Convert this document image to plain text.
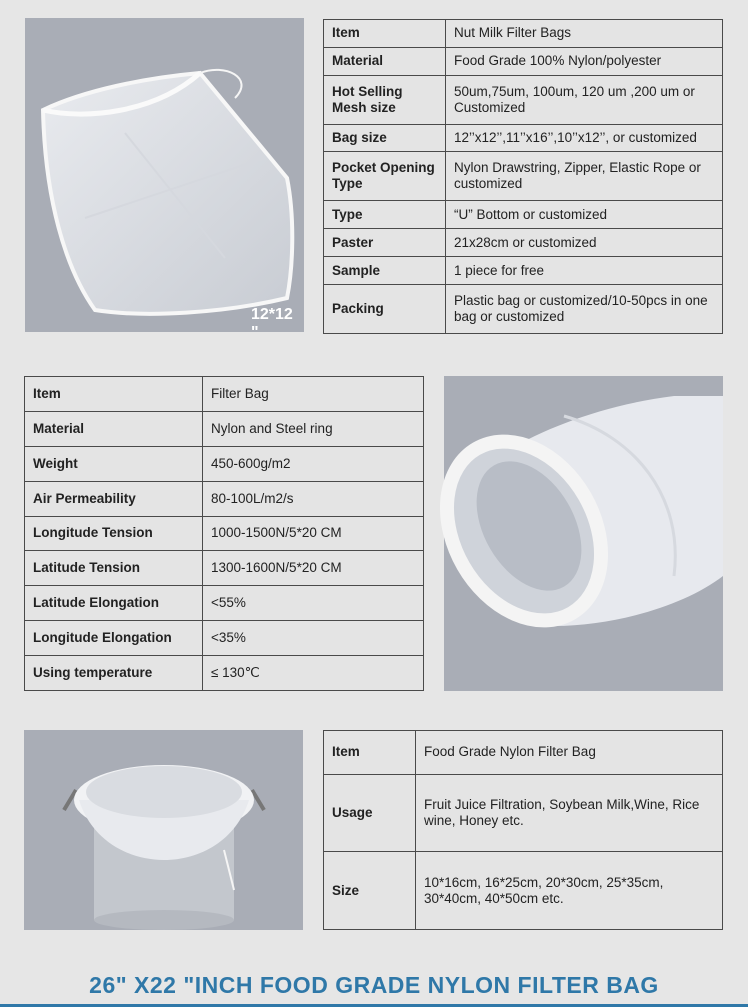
12*12 "
Item	Nut Milk Filter Bags
Material	Food Grade 100% Nylon/polyester
Hot Selling Mesh size	50um,75um, 100um, 120 um ,200 um or Customized
Bag size	12’’x12’’,11’’x16’’,10’’x12’’, or customized
Pocket Opening Type	Nylon Drawstring, Zipper, Elastic Rope or customized
Type	“U” Bottom or customized
Paster	21x28cm or customized
Sample	1 piece for free
Packing	Plastic bag or customized/10-50pcs in one bag or customized
Item	Filter Bag
Material	Nylon and Steel ring
Weight	450-600g/m2
Air Permeability	80-100L/m2/s
Longitude Tension	1000-1500N/5*20 CM
Latitude Tension	1300-1600N/5*20 CM
Latitude Elongation	<55%
Longitude Elongation	<35%
Using temperature	≤ 130℃
Item	Food Grade Nylon Filter Bag
Usage	Fruit Juice Filtration, Soybean Milk,Wine, Rice wine, Honey etc.
Size	10*16cm, 16*25cm, 20*30cm, 25*35cm, 30*40cm, 40*50cm etc.
26" X22 "INCH FOOD GRADE NYLON FILTER BAG
